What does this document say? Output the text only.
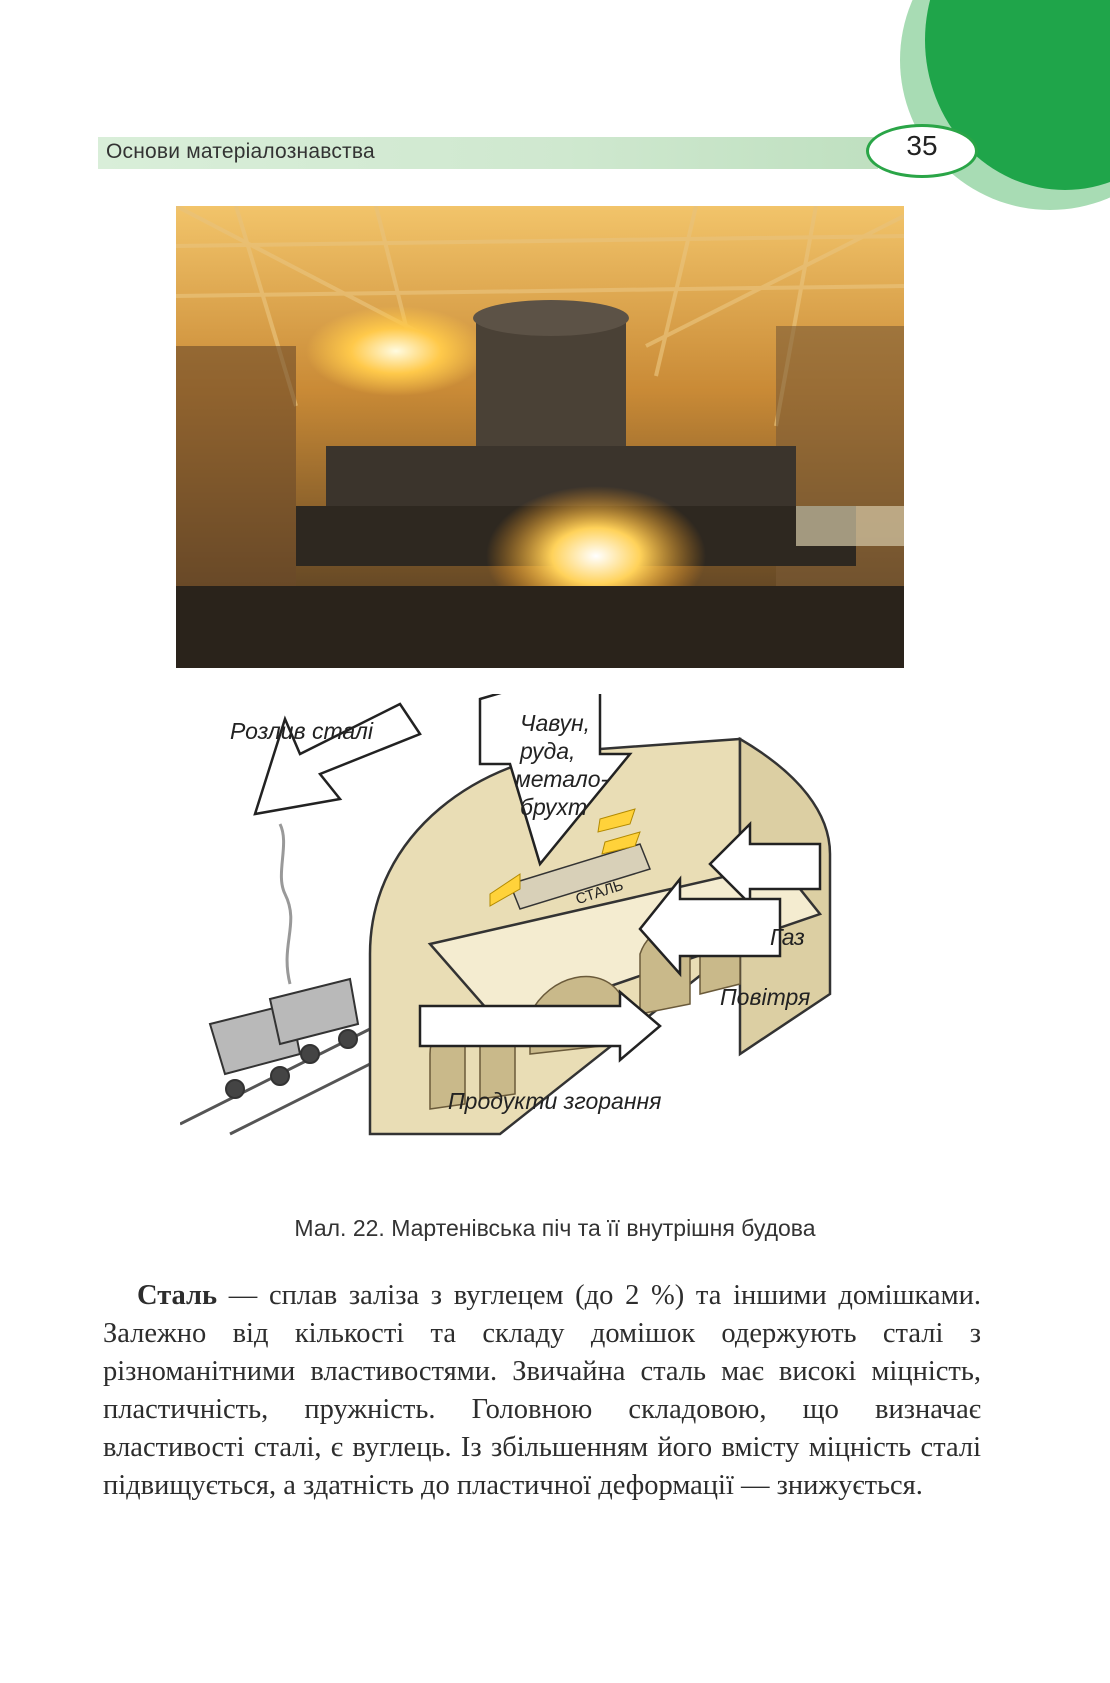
Основи матеріалознавства	35
Розлив сталі	Чавун,
руда,
метало-
брухт
СТАЛЬ
Газ
Повітря
Продукти згорання
Мал. 22. Мартенівська піч та її внутрішня будова

Сталь — сплав заліза з вуглецем (до 2 %) та іншими домішками. Залежно від кількості та складу домішок одержують сталі з різноманітними властивостями. Звичайна сталь має високі міцність, пластичність, пружність. Головною складовою, що визначає властивості сталі, є вуглець. Із збільшенням його вмісту міцність сталі підвищується, а здатність до пластичної деформації — знижується.
